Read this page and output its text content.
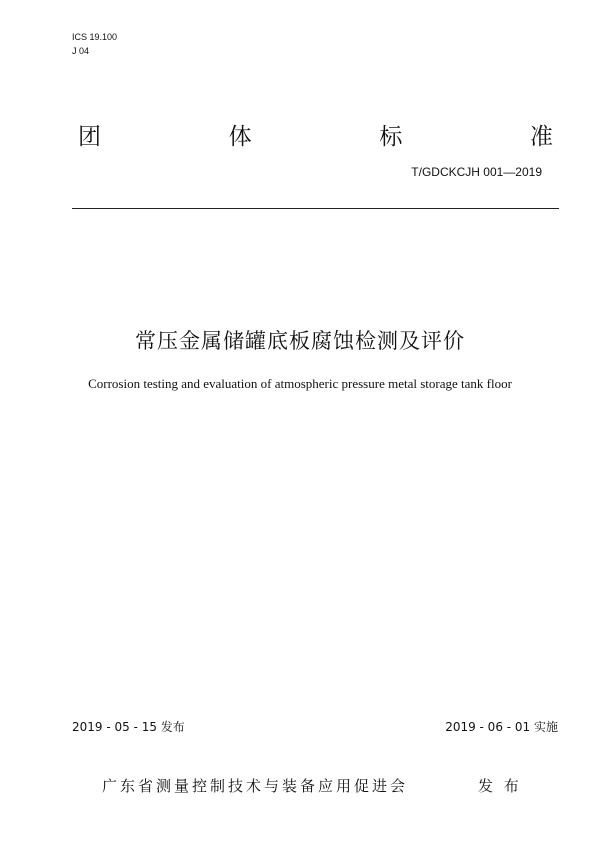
ICS 19.100
J 04
团	体	标	准
T/GDCKCJH 001—2019
常压金属储罐底板腐蚀检测及评价
Corrosion testing and evaluation of atmospheric pressure metal storage tank floor
2019 - 05 - 15 发布	2019 - 06 - 01 实施
广东省测量控制技术与装备应用促进会	发 布
